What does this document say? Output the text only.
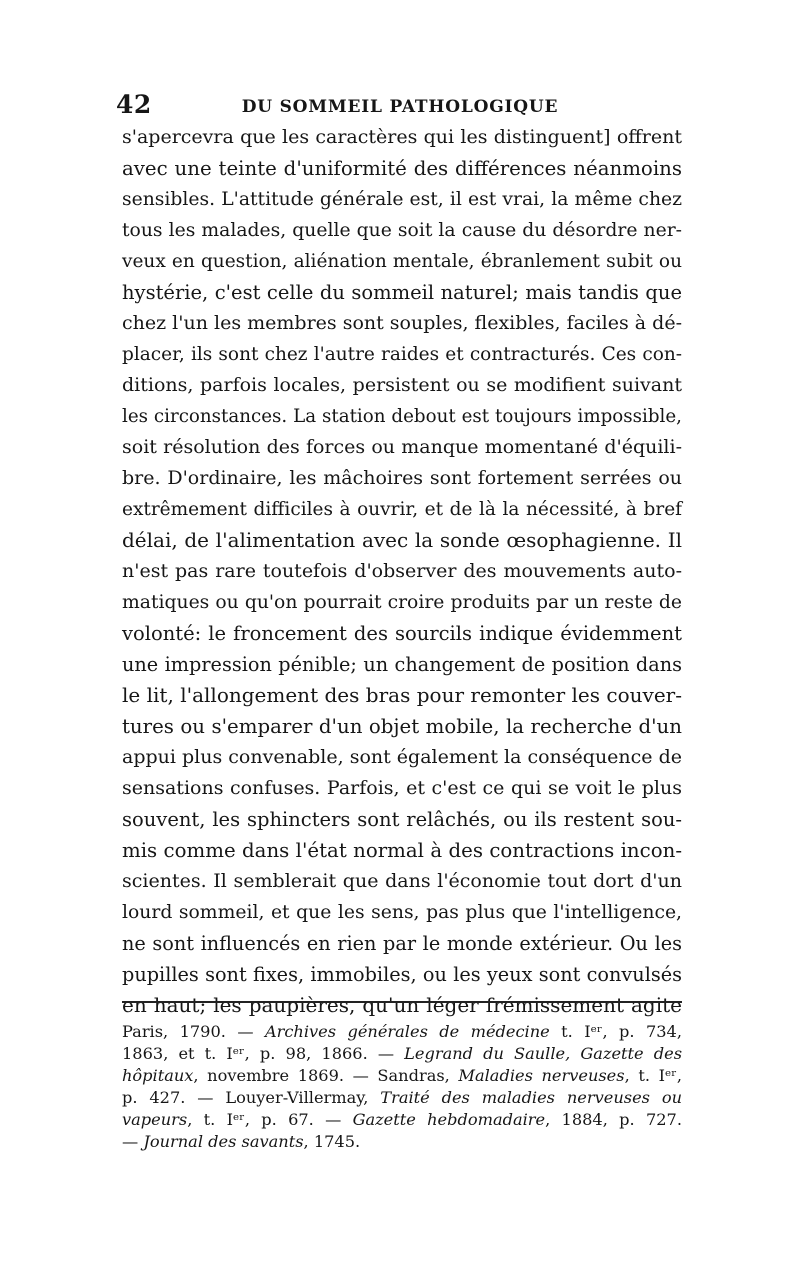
42	DU SOMMEIL PATHOLOGIQUE
s'apercevra que les caractères qui les distinguent] offrent
avec une teinte d'uniformité des différences néanmoins
sensibles. L'attitude générale est, il est vrai, la même chez
tous les malades, quelle que soit la cause du désordre ner-
veux en question, aliénation mentale, ébranlement subit ou
hystérie, c'est celle du sommeil naturel; mais tandis que
chez l'un les membres sont souples, flexibles, faciles à dé-
placer, ils sont chez l'autre raides et contracturés. Ces con-
ditions, parfois locales, persistent ou se modifient suivant
les circonstances. La station debout est toujours impossible,
soit résolution des forces ou manque momentané d'équili-
bre. D'ordinaire, les mâchoires sont fortement serrées ou
extrêmement difficiles à ouvrir, et de là la nécessité, à bref
délai, de l'alimentation avec la sonde œsophagienne. Il
n'est pas rare toutefois d'observer des mouvements auto-
matiques ou qu'on pourrait croire produits par un reste de
volonté: le froncement des sourcils indique évidemment
une impression pénible; un changement de position dans
le lit, l'allongement des bras pour remonter les couver-
tures ou s'emparer d'un objet mobile, la recherche d'un
appui plus convenable, sont également la conséquence de
sensations confuses. Parfois, et c'est ce qui se voit le plus
souvent, les sphincters sont relâchés, ou ils restent sou-
mis comme dans l'état normal à des contractions incon-
scientes. Il semblerait que dans l'économie tout dort d'un
lourd sommeil, et que les sens, pas plus que l'intelligence,
ne sont influencés en rien par le monde extérieur. Ou les
pupilles sont fixes, immobiles, ou les yeux sont convulsés
en haut; les paupières, qu'un léger frémissement agite
Paris, 1790. — Archives générales de médecine t. Iᵉʳ, p. 734,
1863, et t. Iᵉʳ, p. 98, 1866. — Legrand du Saulle, Gazette des
hôpitaux, novembre 1869. — Sandras, Maladies nerveuses, t. Iᵉʳ,
p. 427. — Louyer-Villermay, Traité des maladies nerveuses ou
vapeurs, t. Iᵉʳ, p. 67. — Gazette hebdomadaire, 1884, p. 727.
— Journal des savants, 1745.
